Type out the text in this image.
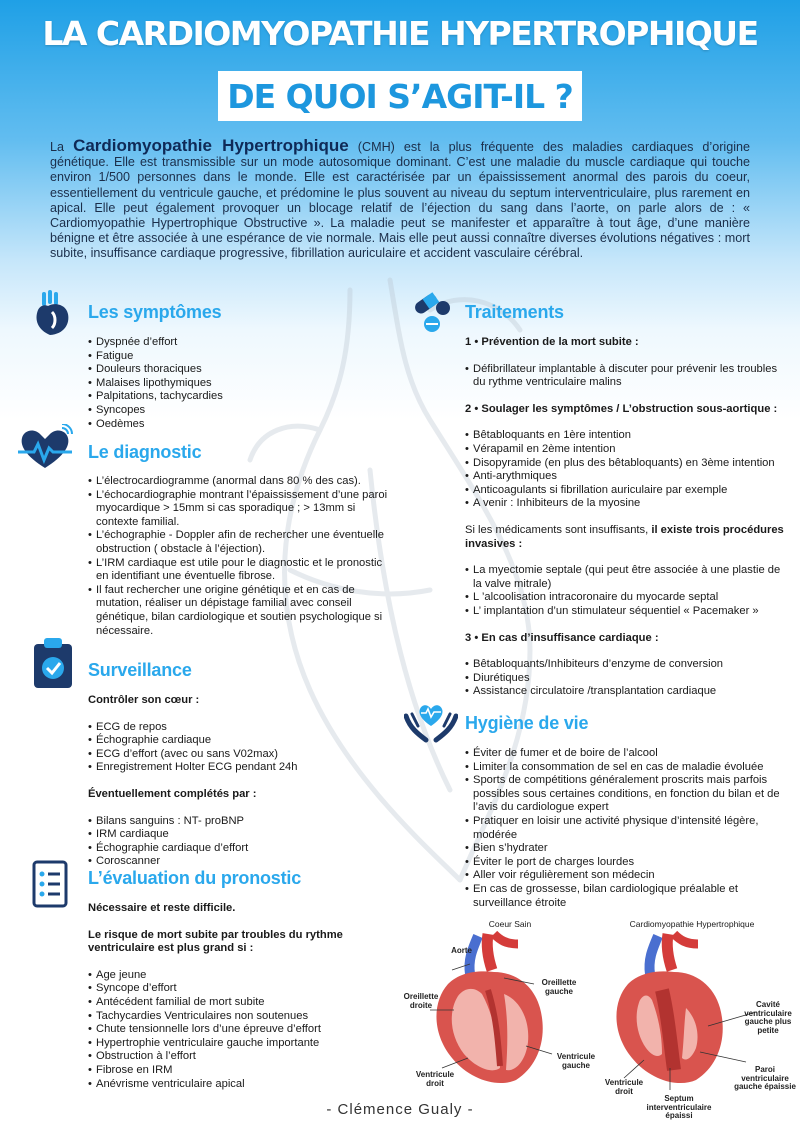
LA CARDIOMYOPATHIE HYPERTROPHIQUE
DE QUOI S’AGIT-IL ?
La Cardiomyopathie Hypertrophique (CMH) est la plus fréquente des maladies cardiaques d’origine génétique. Elle est transmissible sur un mode autosomique dominant. C’est une maladie du muscle cardiaque qui touche environ 1/500 personnes dans le monde. Elle est caractérisée par un épaississement anormal des parois du coeur, essentiellement du ventricule gauche, et prédomine le plus souvent au niveau du septum interventriculaire, plus rarement en apical. Elle peut également provoquer un blocage relatif de l’éjection du sang dans l’aorte, on parle alors de : « Cardiomyopathie Hypertrophique Obstructive ». La maladie peut se manifester et apparaître à tout âge, d’une manière bénigne et être associée à une espérance de vie normale. Mais elle peut aussi connaître diverses évolutions négatives : mort subite, insuffisance cardiaque progressive, fibrillation auriculaire et accident vasculaire cérébral.
Les symptômes
• Dyspnée d’effort
• Fatigue
• Douleurs thoraciques
• Malaises lipothymiques
• Palpitations, tachycardies
• Syncopes
• Oedèmes
Le diagnostic
• L’électrocardiogramme (anormal dans 80 % des cas).
• L’échocardiographie montrant l’épaississement d’une paroi myocardique > 15mm si cas sporadique ; > 13mm si contexte familial.
• L’échographie - Doppler afin de rechercher une éventuelle obstruction ( obstacle à l’éjection).
• L’IRM cardiaque est utile pour le diagnostic et le pronostic en identifiant une éventuelle fibrose.
• Il faut rechercher une origine génétique et en cas de mutation, réaliser un dépistage familial avec conseil génétique, bilan cardiologique et soutien psychologique si nécessaire.
Surveillance
Contrôler son cœur :
• ECG de repos
• Échographie cardiaque
• ECG d’effort (avec ou sans V02max)
• Enregistrement Holter ECG pendant 24h
Éventuellement complétés par :
• Bilans sanguins : NT- proBNP
• IRM cardiaque
• Échographie cardiaque d’effort
• Coroscanner
L’évaluation du pronostic
Nécessaire et reste difficile.
Le risque de mort subite par troubles du rythme ventriculaire est plus grand si :
• Age jeune
• Syncope d’effort
• Antécédent familial de mort subite
• Tachycardies Ventriculaires non soutenues
• Chute tensionnelle lors d’une épreuve d’effort
• Hypertrophie ventriculaire gauche importante
• Obstruction à l’effort
• Fibrose en IRM
• Anévrisme ventriculaire apical
Traitements
1 • Prévention de la mort subite :
• Défibrillateur implantable à discuter pour prévenir les troubles du rythme ventriculaire malins
2 • Soulager les symptômes / L’obstruction sous-aortique :
• Bêtabloquants en 1ère intention
• Vérapamil en 2ème intention
• Disopyramide (en plus des bêtabloquants) en 3ème intention
• Anti-arythmiques
• Anticoagulants si fibrillation auriculaire par exemple
• A venir : Inhibiteurs de la myosine
Si les médicaments sont insuffisants, il existe trois procédures invasives :
• La myectomie septale (qui peut être associée à une plastie de la valve mitrale)
• L ’alcoolisation intracoronaire du myocarde septal
• L’ implantation d’un stimulateur séquentiel « Pacemaker »
3 • En cas d’insuffisance cardiaque :
• Bêtabloquants/Inhibiteurs d’enzyme de conversion
• Diurétiques
• Assistance circulatoire /transplantation cardiaque
Hygiène de vie
• Éviter de fumer et de boire de l’alcool
• Limiter la consommation de sel en cas de maladie évoluée
• Sports de compétitions généralement proscrits mais parfois possibles sous certaines conditions, en fonction du bilan et de l’avis du cardiologue expert
• Pratiquer en loisir une activité physique d’intensité légère, modérée
• Bien s’hydrater
• Éviter le port de charges lourdes
• Aller voir régulièrement son médecin
• En cas de grossesse, bilan cardiologique préalable et surveillance étroite
Coeur Sain	Cardiomyopathie Hypertrophique
Aorte
Oreillette gauche
Oreillette droite
Ventricule gauche
Ventricule droit
Cavité ventriculaire gauche plus petite
Paroi ventriculaire gauche épaissie
Septum interventriculaire épaissi
Ventricule droit
- Clémence Gualy -
